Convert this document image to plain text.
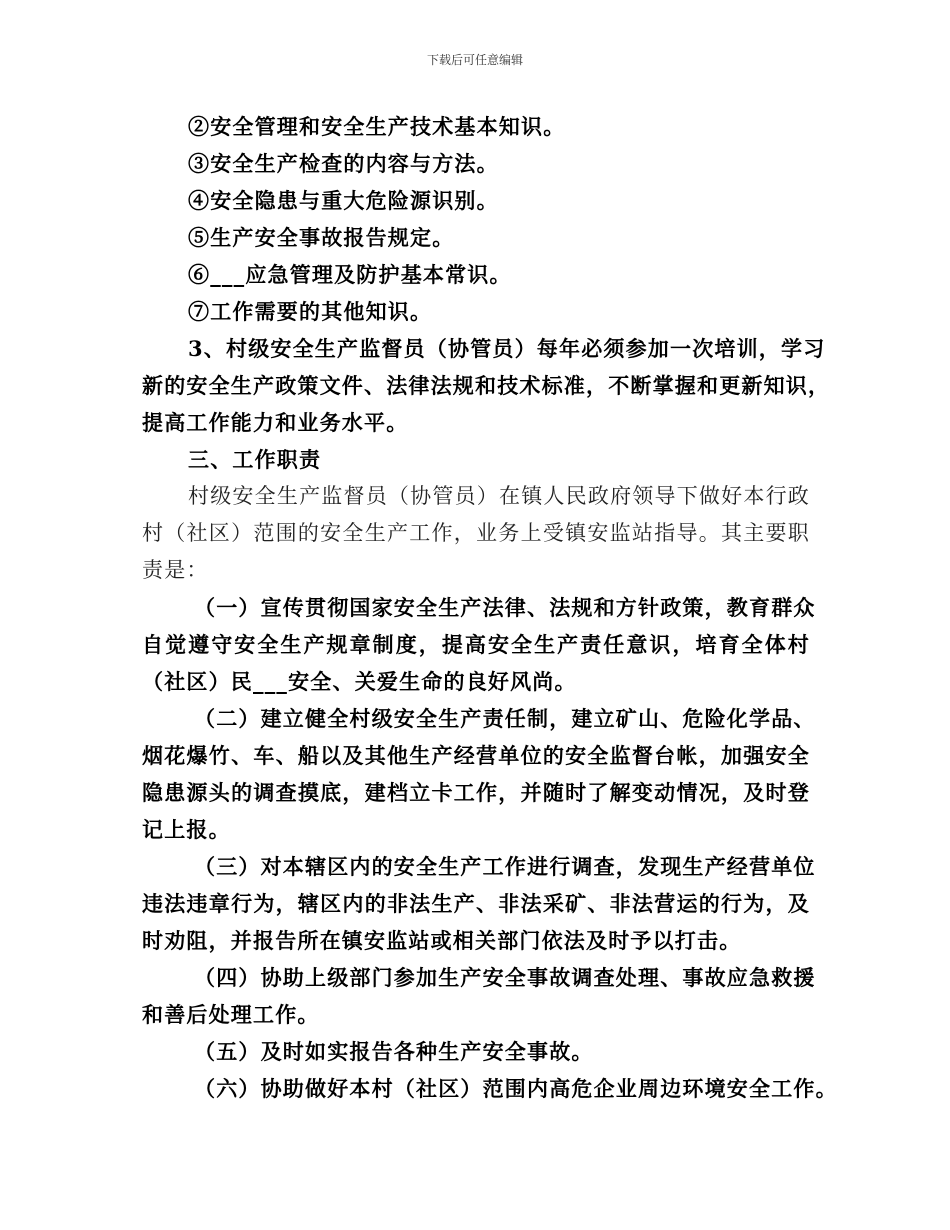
下载后可任意编辑
②安全管理和安全生产技术基本知识。
③安全生产检查的内容与方法。
④安全隐患与重大危险源识别。
⑤生产安全事故报告规定。
⑥___应急管理及防护基本常识。
⑦工作需要的其他知识。
3、村级安全生产监督员（协管员）每年必须参加一次培训，学习
新的安全生产政策文件、法律法规和技术标准，不断掌握和更新知识，
提高工作能力和业务水平。
三、工作职责
村级安全生产监督员（协管员）在镇人民政府领导下做好本行政
村（社区）范围的安全生产工作，业务上受镇安监站指导。其主要职
责是：
（一）宣传贯彻国家安全生产法律、法规和方针政策，教育群众
自觉遵守安全生产规章制度，提高安全生产责任意识，培育全体村
（社区）民___安全、关爱生命的良好风尚。
（二）建立健全村级安全生产责任制，建立矿山、危险化学品、
烟花爆竹、车、船以及其他生产经营单位的安全监督台帐，加强安全
隐患源头的调查摸底，建档立卡工作，并随时了解变动情况，及时登
记上报。
（三）对本辖区内的安全生产工作进行调查，发现生产经营单位
违法违章行为，辖区内的非法生产、非法采矿、非法营运的行为，及
时劝阻，并报告所在镇安监站或相关部门依法及时予以打击。
（四）协助上级部门参加生产安全事故调查处理、事故应急救援
和善后处理工作。
（五）及时如实报告各种生产安全事故。
（六）协助做好本村（社区）范围内高危企业周边环境安全工作。
